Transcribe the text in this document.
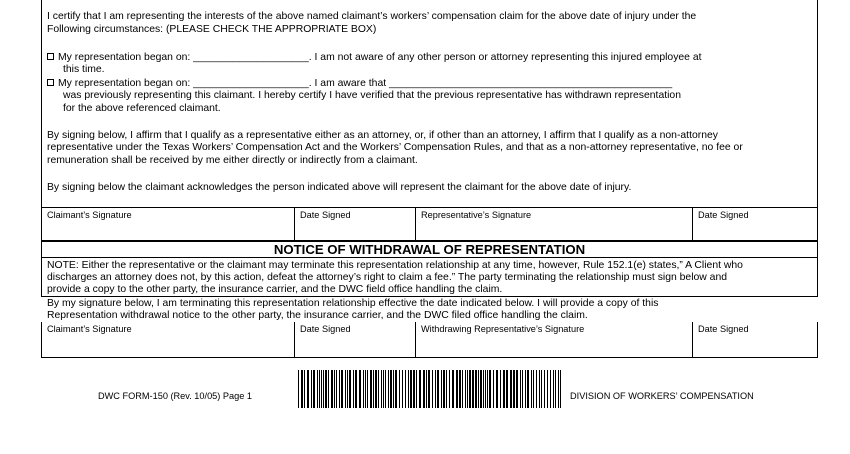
I certify that I am representing the interests of the above named claimant’s workers’ compensation claim for the above date of injury under the
Following circumstances: (PLEASE CHECK THE APPROPRIATE BOX)
My representation began on: ____________________. I am not aware of any other person or attorney representing this injured employee at
this time.
My representation began on: ____________________. I am aware that _________________________________________________
was previously representing this claimant. I hereby certify I have verified that the previous representative has withdrawn representation
for the above referenced claimant.
By signing below, I affirm that I qualify as a representative either as an attorney, or, if other than an attorney, I affirm that I qualify as a non-attorney
representative under the Texas Workers’ Compensation Act and the Workers’ Compensation Rules, and that as a non-attorney representative, no fee or
remuneration shall be received by me either directly or indirectly from a claimant.
By signing below the claimant acknowledges the person indicated above will represent the claimant for the above date of injury.
Claimant’s Signature	Date Signed	Representative’s Signature	Date Signed
NOTICE OF WITHDRAWAL OF REPRESENTATION
NOTE: Either the representative or the claimant may terminate this representation relationship at any time, however, Rule 152.1(e) states,” A Client who
discharges an attorney does not, by this action, defeat the attorney’s right to claim a fee.” The party terminating the relationship must sign below and
provide a copy to the other party, the insurance carrier, and the DWC field office handling the claim.
By my signature below, I am terminating this representation relationship effective the date indicated below. I will provide a copy of this
Representation withdrawal notice to the other party, the insurance carrier, and the DWC filed office handling the claim.
Claimant’s Signature	Date Signed	Withdrawing Representative’s Signature	Date Signed
DWC FORM-150 (Rev. 10/05) Page 1	DIVISION OF WORKERS’ COMPENSATION
